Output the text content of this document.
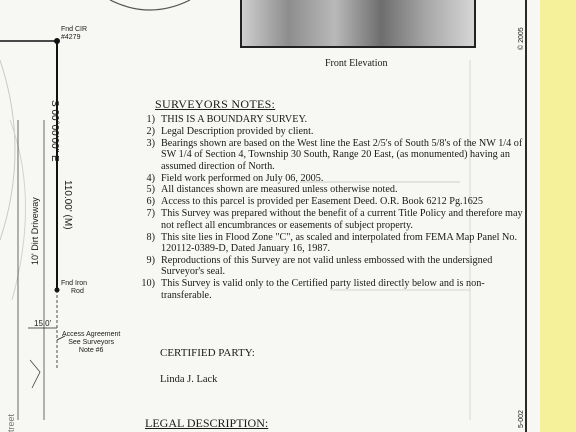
Front Elevation
Fnd CIR
#4279
S 00°00'00" E
110.00' (M)
10' Dirt Driveway
Fnd Iron
Rod
15.0'
Access Agreement
See Surveyors
Note #6
treet
© 2005
5-002
SURVEYORS NOTES:
1) THIS IS A BOUNDARY SURVEY.
2) Legal Description provided by client.
3) Bearings shown are based on the West line the East 2/5's of South 5/8's of the NW 1/4 of SW 1/4 of Section 4, Township 30 South, Range 20 East, (as monumented) having an assumed direction of North.
4) Field work performed on July 06, 2005.
5) All distances shown are measured unless otherwise noted.
6) Access to this parcel is provided per Easement Deed. O.R. Book 6212 Pg.1625
7) This Survey was prepared without the benefit of a current Title Policy and therefore may not reflect all encumbrances or easements of subject property.
8) This site lies in Flood Zone "C", as scaled and interpolated from FEMA Map Panel No. 120112-0389-D, Dated January 16, 1987.
9) Reproductions of this Survey are not valid unless embossed with the undersigned Surveyor's seal.
10) This Survey is valid only to the Certified party listed directly below and is non-transferable.
CERTIFIED PARTY:
Linda J. Lack
LEGAL DESCRIPTION:
